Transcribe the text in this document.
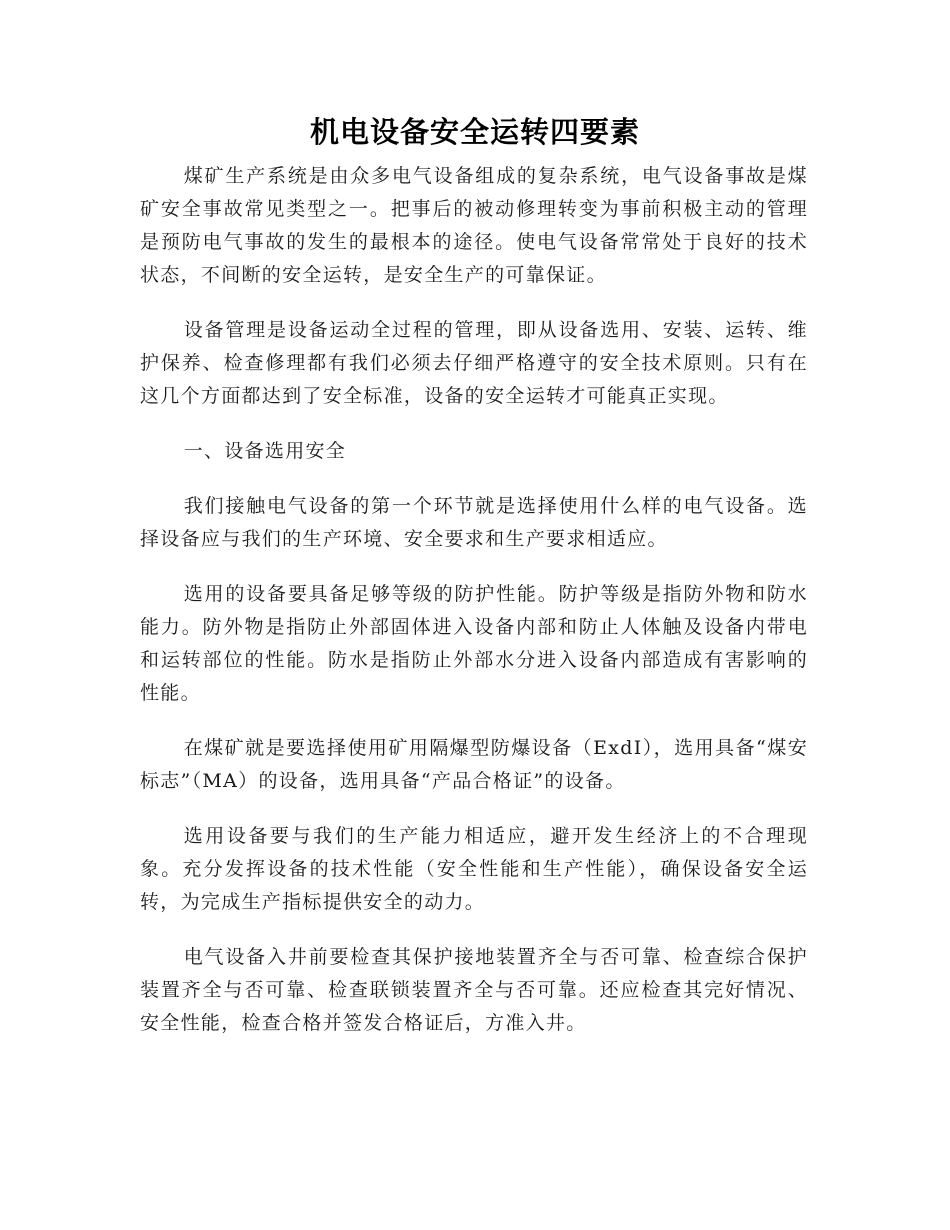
机电设备安全运转四要素

煤矿生产系统是由众多电气设备组成的复杂系统，电气设备事故是煤矿安全事故常见类型之一。把事后的被动修理转变为事前积极主动的管理是预防电气事故的发生的最根本的途径。使电气设备常常处于良好的技术状态，不间断的安全运转，是安全生产的可靠保证。

设备管理是设备运动全过程的管理，即从设备选用、安装、运转、维护保养、检查修理都有我们必须去仔细严格遵守的安全技术原则。只有在这几个方面都达到了安全标准，设备的安全运转才可能真正实现。

一、设备选用安全

我们接触电气设备的第一个环节就是选择使用什么样的电气设备。选择设备应与我们的生产环境、安全要求和生产要求相适应。

选用的设备要具备足够等级的防护性能。防护等级是指防外物和防水能力。防外物是指防止外部固体进入设备内部和防止人体触及设备内带电和运转部位的性能。防水是指防止外部水分进入设备内部造成有害影响的性能。

在煤矿就是要选择使用矿用隔爆型防爆设备（ExdI），选用具备“煤安标志”（MA）的设备，选用具备“产品合格证”的设备。

选用设备要与我们的生产能力相适应，避开发生经济上的不合理现象。充分发挥设备的技术性能（安全性能和生产性能），确保设备安全运转，为完成生产指标提供安全的动力。

电气设备入井前要检查其保护接地装置齐全与否可靠、检查综合保护装置齐全与否可靠、检查联锁装置齐全与否可靠。还应检查其完好情况、安全性能，检查合格并签发合格证后，方准入井。
